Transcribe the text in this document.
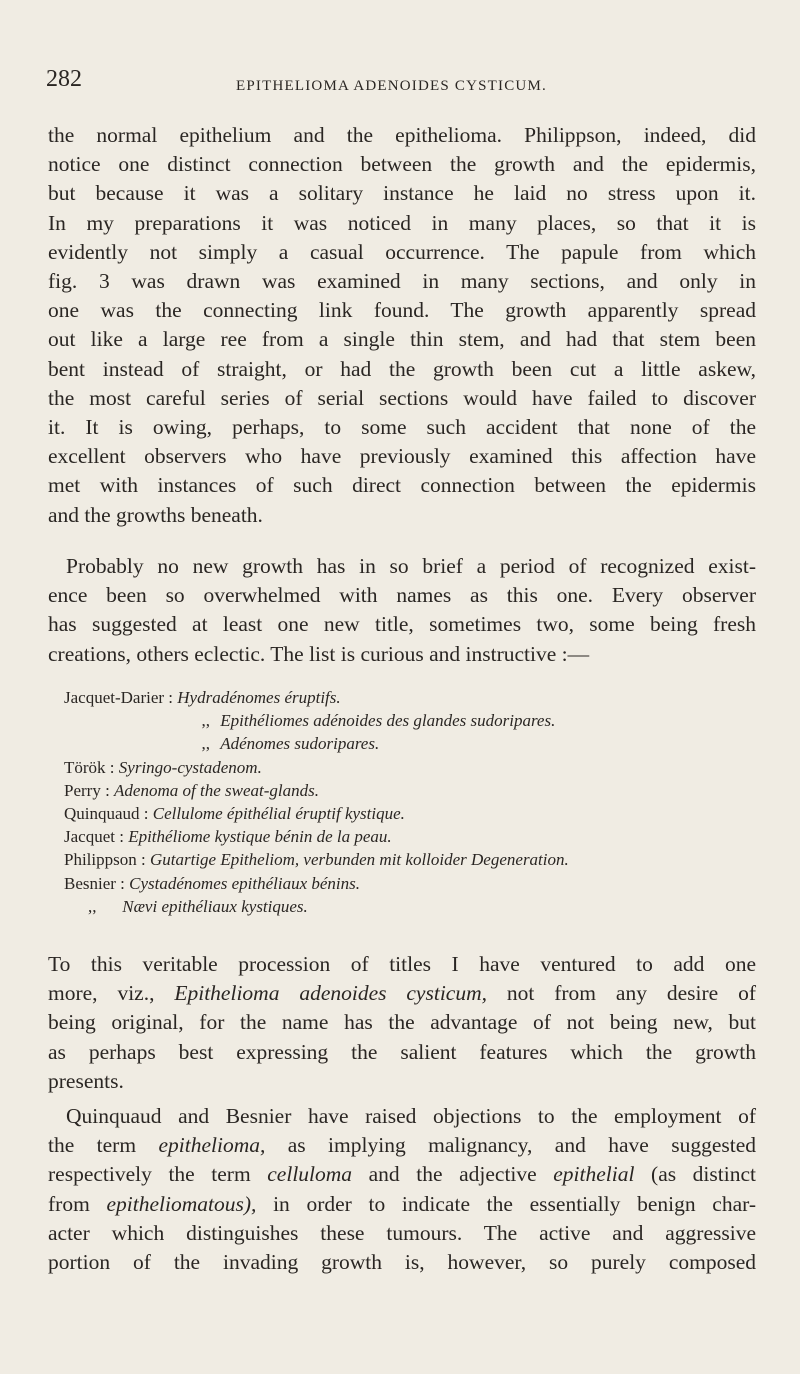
282	EPITHELIOMA ADENOIDES CYSTICUM.

the normal epithelium and the epithelioma. Philippson, indeed, did
notice one distinct connection between the growth and the epidermis,
but because it was a solitary instance he laid no stress upon it.
In my preparations it was noticed in many places, so that it is
evidently not simply a casual occurrence. The papule from which
fig. 3 was drawn was examined in many sections, and only in
one was the connecting link found. The growth apparently spread
out like a large ree from a single thin stem, and had that stem been
bent instead of straight, or had the growth been cut a little askew,
the most careful series of serial sections would have failed to discover
it. It is owing, perhaps, to some such accident that none of the
excellent observers who have previously examined this affection have
met with instances of such direct connection between the epidermis
and the growths beneath.

Probably no new growth has in so brief a period of recognized exist-
ence been so overwhelmed with names as this one. Every observer
has suggested at least one new title, sometimes two, some being fresh
creations, others eclectic. The list is curious and instructive :—

Jacquet-Darier : Hydradénomes éruptifs.
,, Epithéliomes adénoides des glandes sudoripares.
,, Adénomes sudoripares.
Török : Syringo-cystadenom.
Perry : Adenoma of the sweat-glands.
Quinquaud : Cellulome épithélial éruptif kystique.
Jacquet : Epithéliome kystique bénin de la peau.
Philippson : Gutartige Epitheliom, verbunden mit kolloider Degeneration.
Besnier : Cystadénomes epithéliaux bénins.
,, Nævi epithéliaux kystiques.

To this veritable procession of titles I have ventured to add one
more, viz., Epithelioma adenoides cysticum, not from any desire of
being original, for the name has the advantage of not being new, but
as perhaps best expressing the salient features which the growth
presents.

Quinquaud and Besnier have raised objections to the employment of
the term epithelioma, as implying malignancy, and have suggested
respectively the term celluloma and the adjective epithelial (as distinct
from epitheliomatous), in order to indicate the essentially benign char-
acter which distinguishes these tumours. The active and aggressive
portion of the invading growth is, however, so purely composed
